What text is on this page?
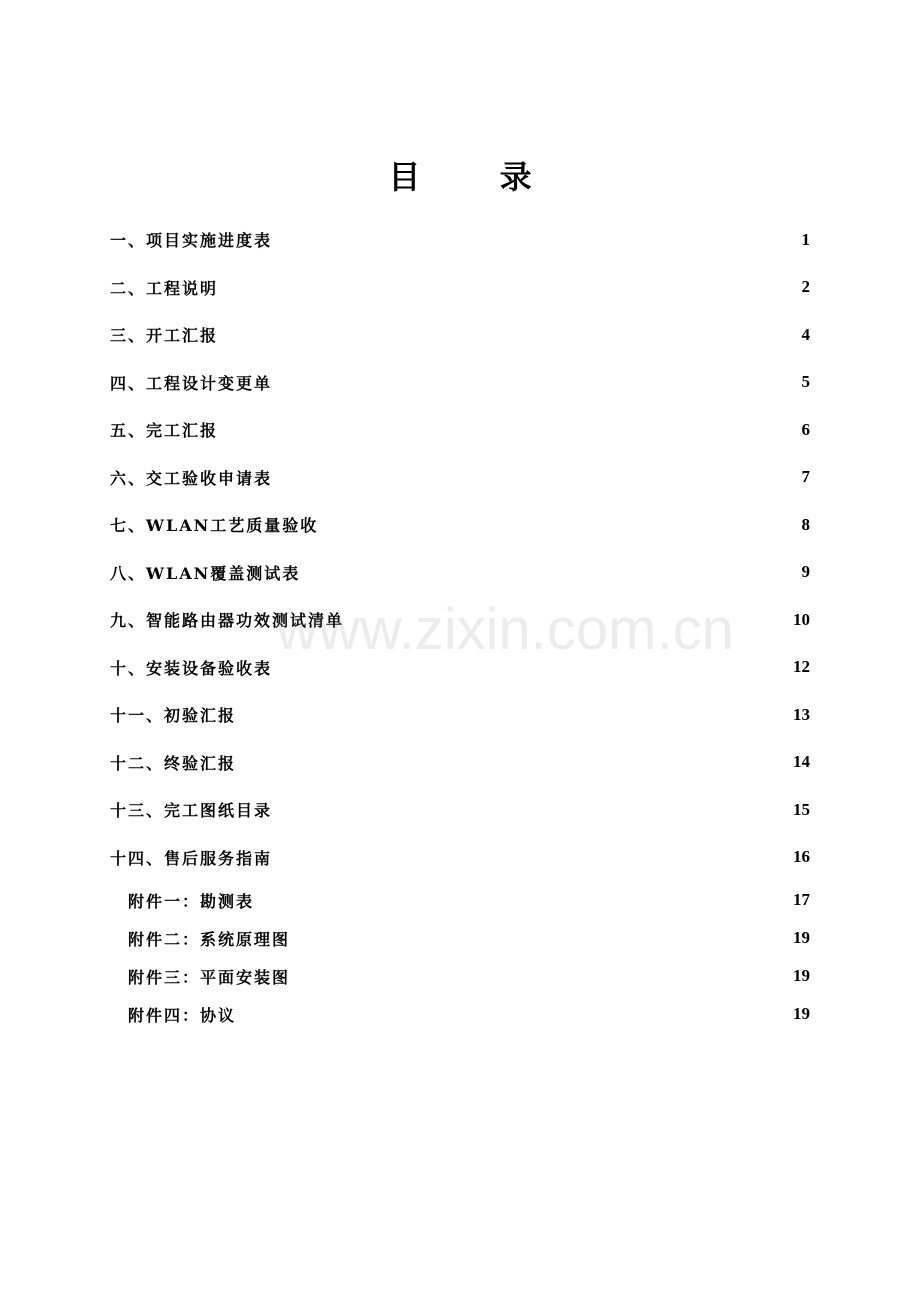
目 录
一、项目实施进度表	1
二、工程说明	2
三、开工汇报	4
四、工程设计变更单	5
五、完工汇报	6
六、交工验收申请表	7
七、WLAN工艺质量验收	8
八、WLAN覆盖测试表	9
九、智能路由器功效测试清单	10
十、安装设备验收表	12
十一、初验汇报	13
十二、终验汇报	14
十三、完工图纸目录	15
十四、售后服务指南	16
附件一：勘测表	17
附件二：系统原理图	19
附件三：平面安装图	19
附件四：协议	19
www.zixin.com.cn
